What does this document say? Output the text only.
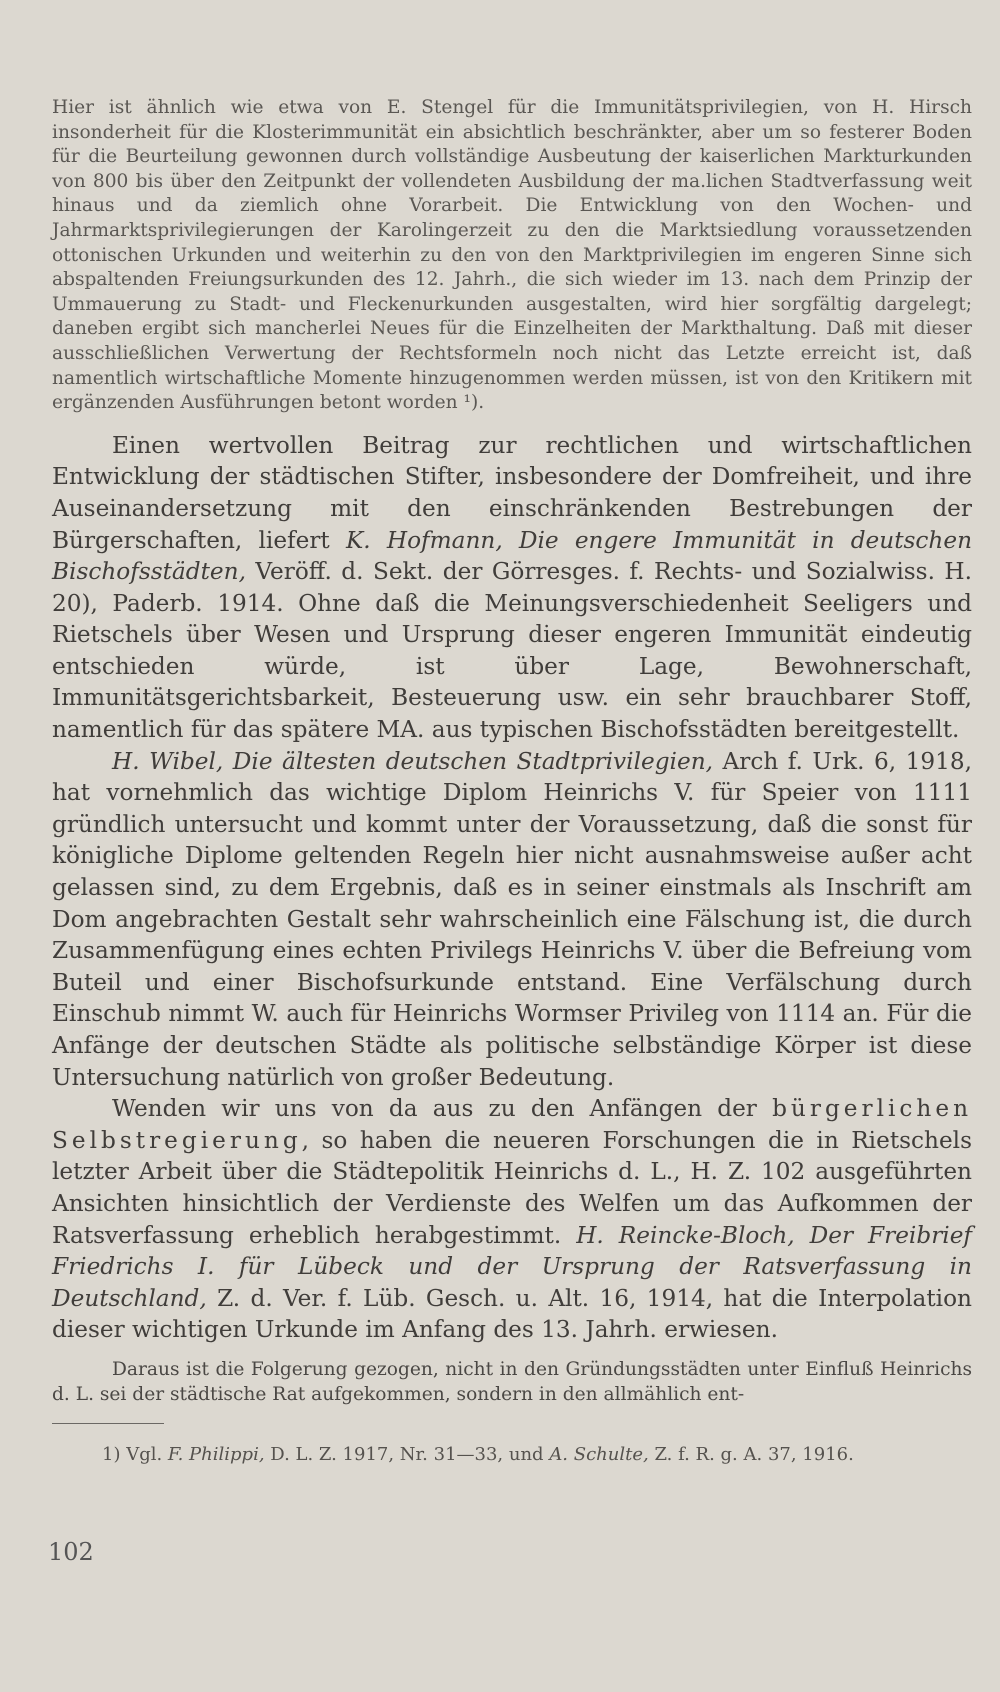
Hier ist ähnlich wie etwa von E. Stengel für die Immunitätsprivilegien, von H. Hirsch insonderheit für die Klosterimmunität ein absichtlich beschränkter, aber um so festerer Boden für die Beurteilung gewonnen durch vollständige Ausbeutung der kaiserlichen Markturkunden von 800 bis über den Zeitpunkt der vollendeten Ausbildung der ma.lichen Stadtverfassung weit hinaus und da ziemlich ohne Vorarbeit. Die Entwicklung von den Wochen- und Jahrmarktsprivilegierungen der Karolingerzeit zu den die Marktsiedlung voraussetzenden ottonischen Urkunden und weiterhin zu den von den Marktprivilegien im engeren Sinne sich abspaltenden Freiungsurkunden des 12. Jahrh., die sich wieder im 13. nach dem Prinzip der Ummauerung zu Stadt- und Fleckenurkunden ausgestalten, wird hier sorgfältig dargelegt; daneben ergibt sich mancherlei Neues für die Einzelheiten der Markthaltung. Daß mit dieser ausschließlichen Verwertung der Rechtsformeln noch nicht das Letzte erreicht ist, daß namentlich wirtschaftliche Momente hinzugenommen werden müssen, ist von den Kritikern mit ergänzenden Ausführungen betont worden ¹).

Einen wertvollen Beitrag zur rechtlichen und wirtschaftlichen Entwicklung der städtischen Stifter, insbesondere der Domfreiheit, und ihre Auseinandersetzung mit den einschränkenden Bestrebungen der Bürgerschaften, liefert K. Hofmann, Die engere Immunität in deutschen Bischofsstädten, Veröff. d. Sekt. der Görresges. f. Rechts- und Sozialwiss. H. 20), Paderb. 1914. Ohne daß die Meinungsverschiedenheit Seeligers und Rietschels über Wesen und Ursprung dieser engeren Immunität eindeutig entschieden würde, ist über Lage, Bewohnerschaft, Immunitätsgerichtsbarkeit, Besteuerung usw. ein sehr brauchbarer Stoff, namentlich für das spätere MA. aus typischen Bischofsstädten bereitgestellt.

H. Wibel, Die ältesten deutschen Stadtprivilegien, Arch f. Urk. 6, 1918, hat vornehmlich das wichtige Diplom Heinrichs V. für Speier von 1111 gründlich untersucht und kommt unter der Voraussetzung, daß die sonst für königliche Diplome geltenden Regeln hier nicht ausnahmsweise außer acht gelassen sind, zu dem Ergebnis, daß es in seiner einstmals als Inschrift am Dom angebrachten Gestalt sehr wahrscheinlich eine Fälschung ist, die durch Zusammenfügung eines echten Privilegs Heinrichs V. über die Befreiung vom Buteil und einer Bischofsurkunde entstand. Eine Verfälschung durch Einschub nimmt W. auch für Heinrichs Wormser Privileg von 1114 an. Für die Anfänge der deutschen Städte als politische selbständige Körper ist diese Untersuchung natürlich von großer Bedeutung.

Wenden wir uns von da aus zu den Anfängen der bürgerlichen Selbstregierung, so haben die neueren Forschungen die in Rietschels letzter Arbeit über die Städtepolitik Heinrichs d. L., H. Z. 102 ausgeführten Ansichten hinsichtlich der Verdienste des Welfen um das Aufkommen der Ratsverfassung erheblich herabgestimmt. H. Reincke-Bloch, Der Freibrief Friedrichs I. für Lübeck und der Ursprung der Ratsverfassung in Deutschland, Z. d. Ver. f. Lüb. Gesch. u. Alt. 16, 1914, hat die Interpolation dieser wichtigen Urkunde im Anfang des 13. Jahrh. erwiesen.

Daraus ist die Folgerung gezogen, nicht in den Gründungsstädten unter Einfluß Heinrichs d. L. sei der städtische Rat aufgekommen, sondern in den allmählich ent-

1) Vgl. F. Philippi, D. L. Z. 1917, Nr. 31—33, und A. Schulte, Z. f. R. g. A. 37, 1916.

102
